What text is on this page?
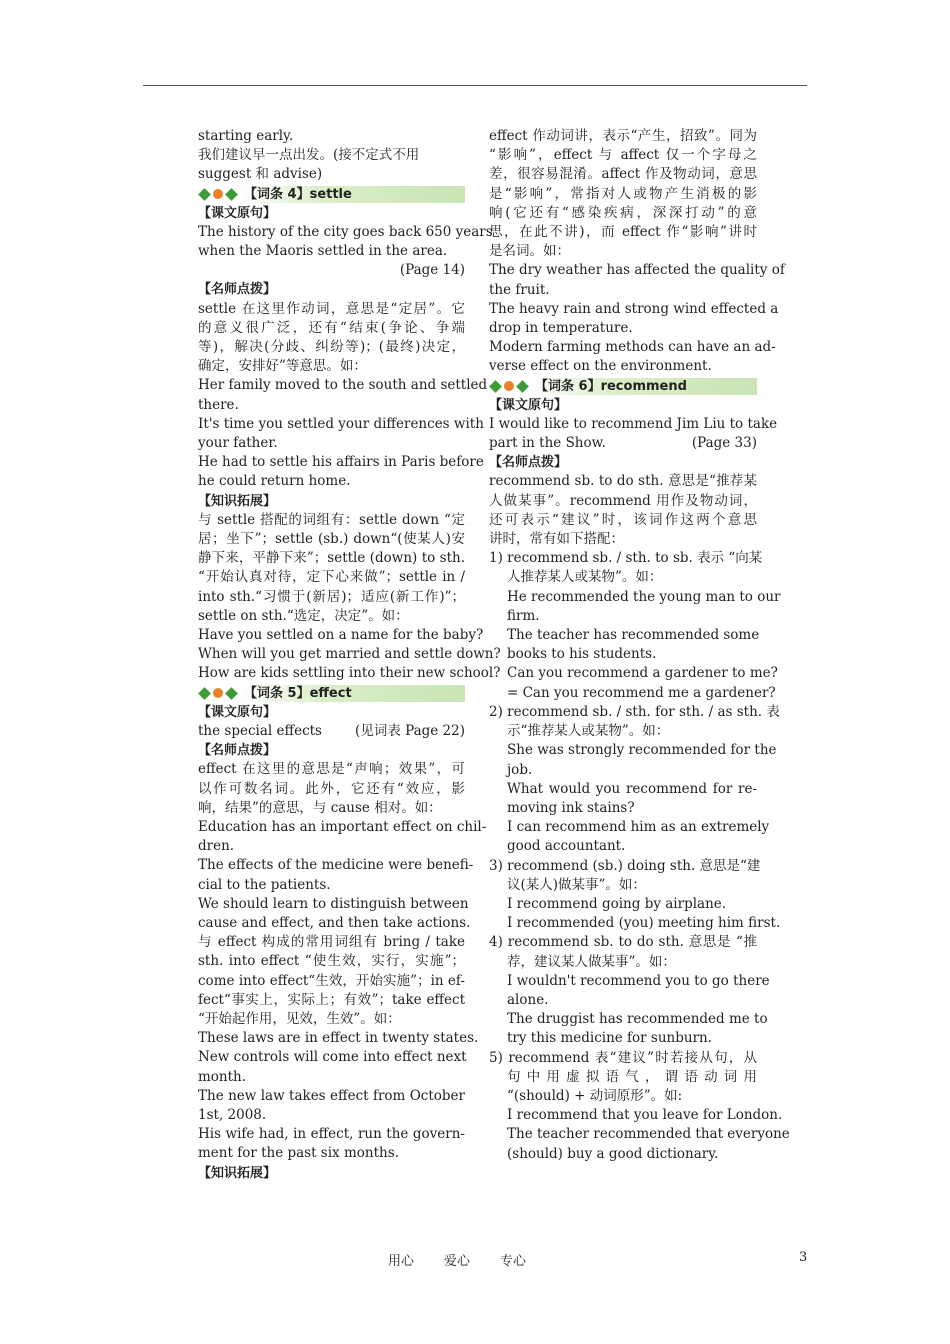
starting early.
我们建议早一点出发。(接不定式不用
suggest 和 advise)
【词条 4】 settle
【课文原句】
The history of the city goes back 650 years
when the Maoris settled in the area.
(Page 14)
【名师点拨】
settle 在这里作动词，意思是“定居”。它
的意义很广泛，还有“结束(争论、争端
等)，解决(分歧、纠纷等)；(最终)决定，
确定，安排好”等意思。如：
Her family moved to the south and settled
there.
It's time you settled your differences with
your father.
He had to settle his affairs in Paris before
he could return home.
【知识拓展】
与 settle 搭配的词组有：settle down “定
居；坐下”；settle (sb.) down“(使某人)安
静下来，平静下来”；settle (down) to sth.
“开始认真对待，定下心来做”；settle in /
into sth.“习惯于(新居)；适应(新工作)”；
settle on sth.“选定，决定”。如：
Have you settled on a name for the baby?
When will you get married and settle down?
How are kids settling into their new school?
【词条 5】 effect
【课文原句】
the special effects (见词表 Page 22)
【名师点拨】
effect 在这里的意思是“声响；效果”，可
以作可数名词。此外，它还有“效应，影
响，结果”的意思，与 cause 相对。如：
Education has an important effect on chil-
dren.
The effects of the medicine were benefi-
cial to the patients.
We should learn to distinguish between
cause and effect, and then take actions.
与 effect 构成的常用词组有 bring / take
sth. into effect “使生效，实行，实施”；
come into effect“生效，开始实施”；in ef-
fect“事实上，实际上；有效”；take effect
“开始起作用，见效，生效”。如：
These laws are in effect in twenty states.
New controls will come into effect next
month.
The new law takes effect from October
1st, 2008.
His wife had, in effect, run the govern-
ment for the past six months.
【知识拓展】
effect 作动词讲，表示“产生，招致”。同为
“影响”，effect 与 affect 仅一个字母之
差，很容易混淆。affect 作及物动词，意思
是“影响”，常指对人或物产生消极的影
响(它还有“感染疾病，深深打动”的意
思，在此不讲)，而 effect 作“影响”讲时
是名词。如：
The dry weather has affected the quality of
the fruit.
The heavy rain and strong wind effected a
drop in temperature.
Modern farming methods can have an ad-
verse effect on the environment.
【词条 6】 recommend
【课文原句】
I would like to recommend Jim Liu to take
part in the Show.	(Page 33)
【名师点拨】
recommend sb. to do sth. 意思是“推荐某
人做某事”。recommend 用作及物动词，
还可表示“建议”时，该词作这两个意思
讲时，常有如下搭配：
1) recommend sb. / sth. to sb. 表示 “向某
人推荐某人或某物”。如：
He recommended the young man to our
firm.
The teacher has recommended some
books to his students.
Can you recommend a gardener to me?
= Can you recommend me a gardener?
2) recommend sb. / sth. for sth. / as sth. 表
示“推荐某人或某物”。如：
She was strongly recommended for the
job.
What would you recommend for re-
moving ink stains?
I can recommend him as an extremely
good accountant.
3) recommend (sb.) doing sth. 意思是“建
议(某人)做某事”。如：
I recommend going by airplane.
I recommended (you) meeting him first.
4) recommend sb. to do sth. 意思是 “推
荐，建议某人做某事”。如：
I wouldn't recommend you to go there
alone.
The druggist has recommended me to
try this medicine for sunburn.
5) recommend 表“建议”时若接从句，从
句中用虚拟语气，谓语动词用
“(should) + 动词原形”。如:
I recommend that you leave for London.
The teacher recommended that everyone
(should) buy a good dictionary.
用心 爱心 专心	3
